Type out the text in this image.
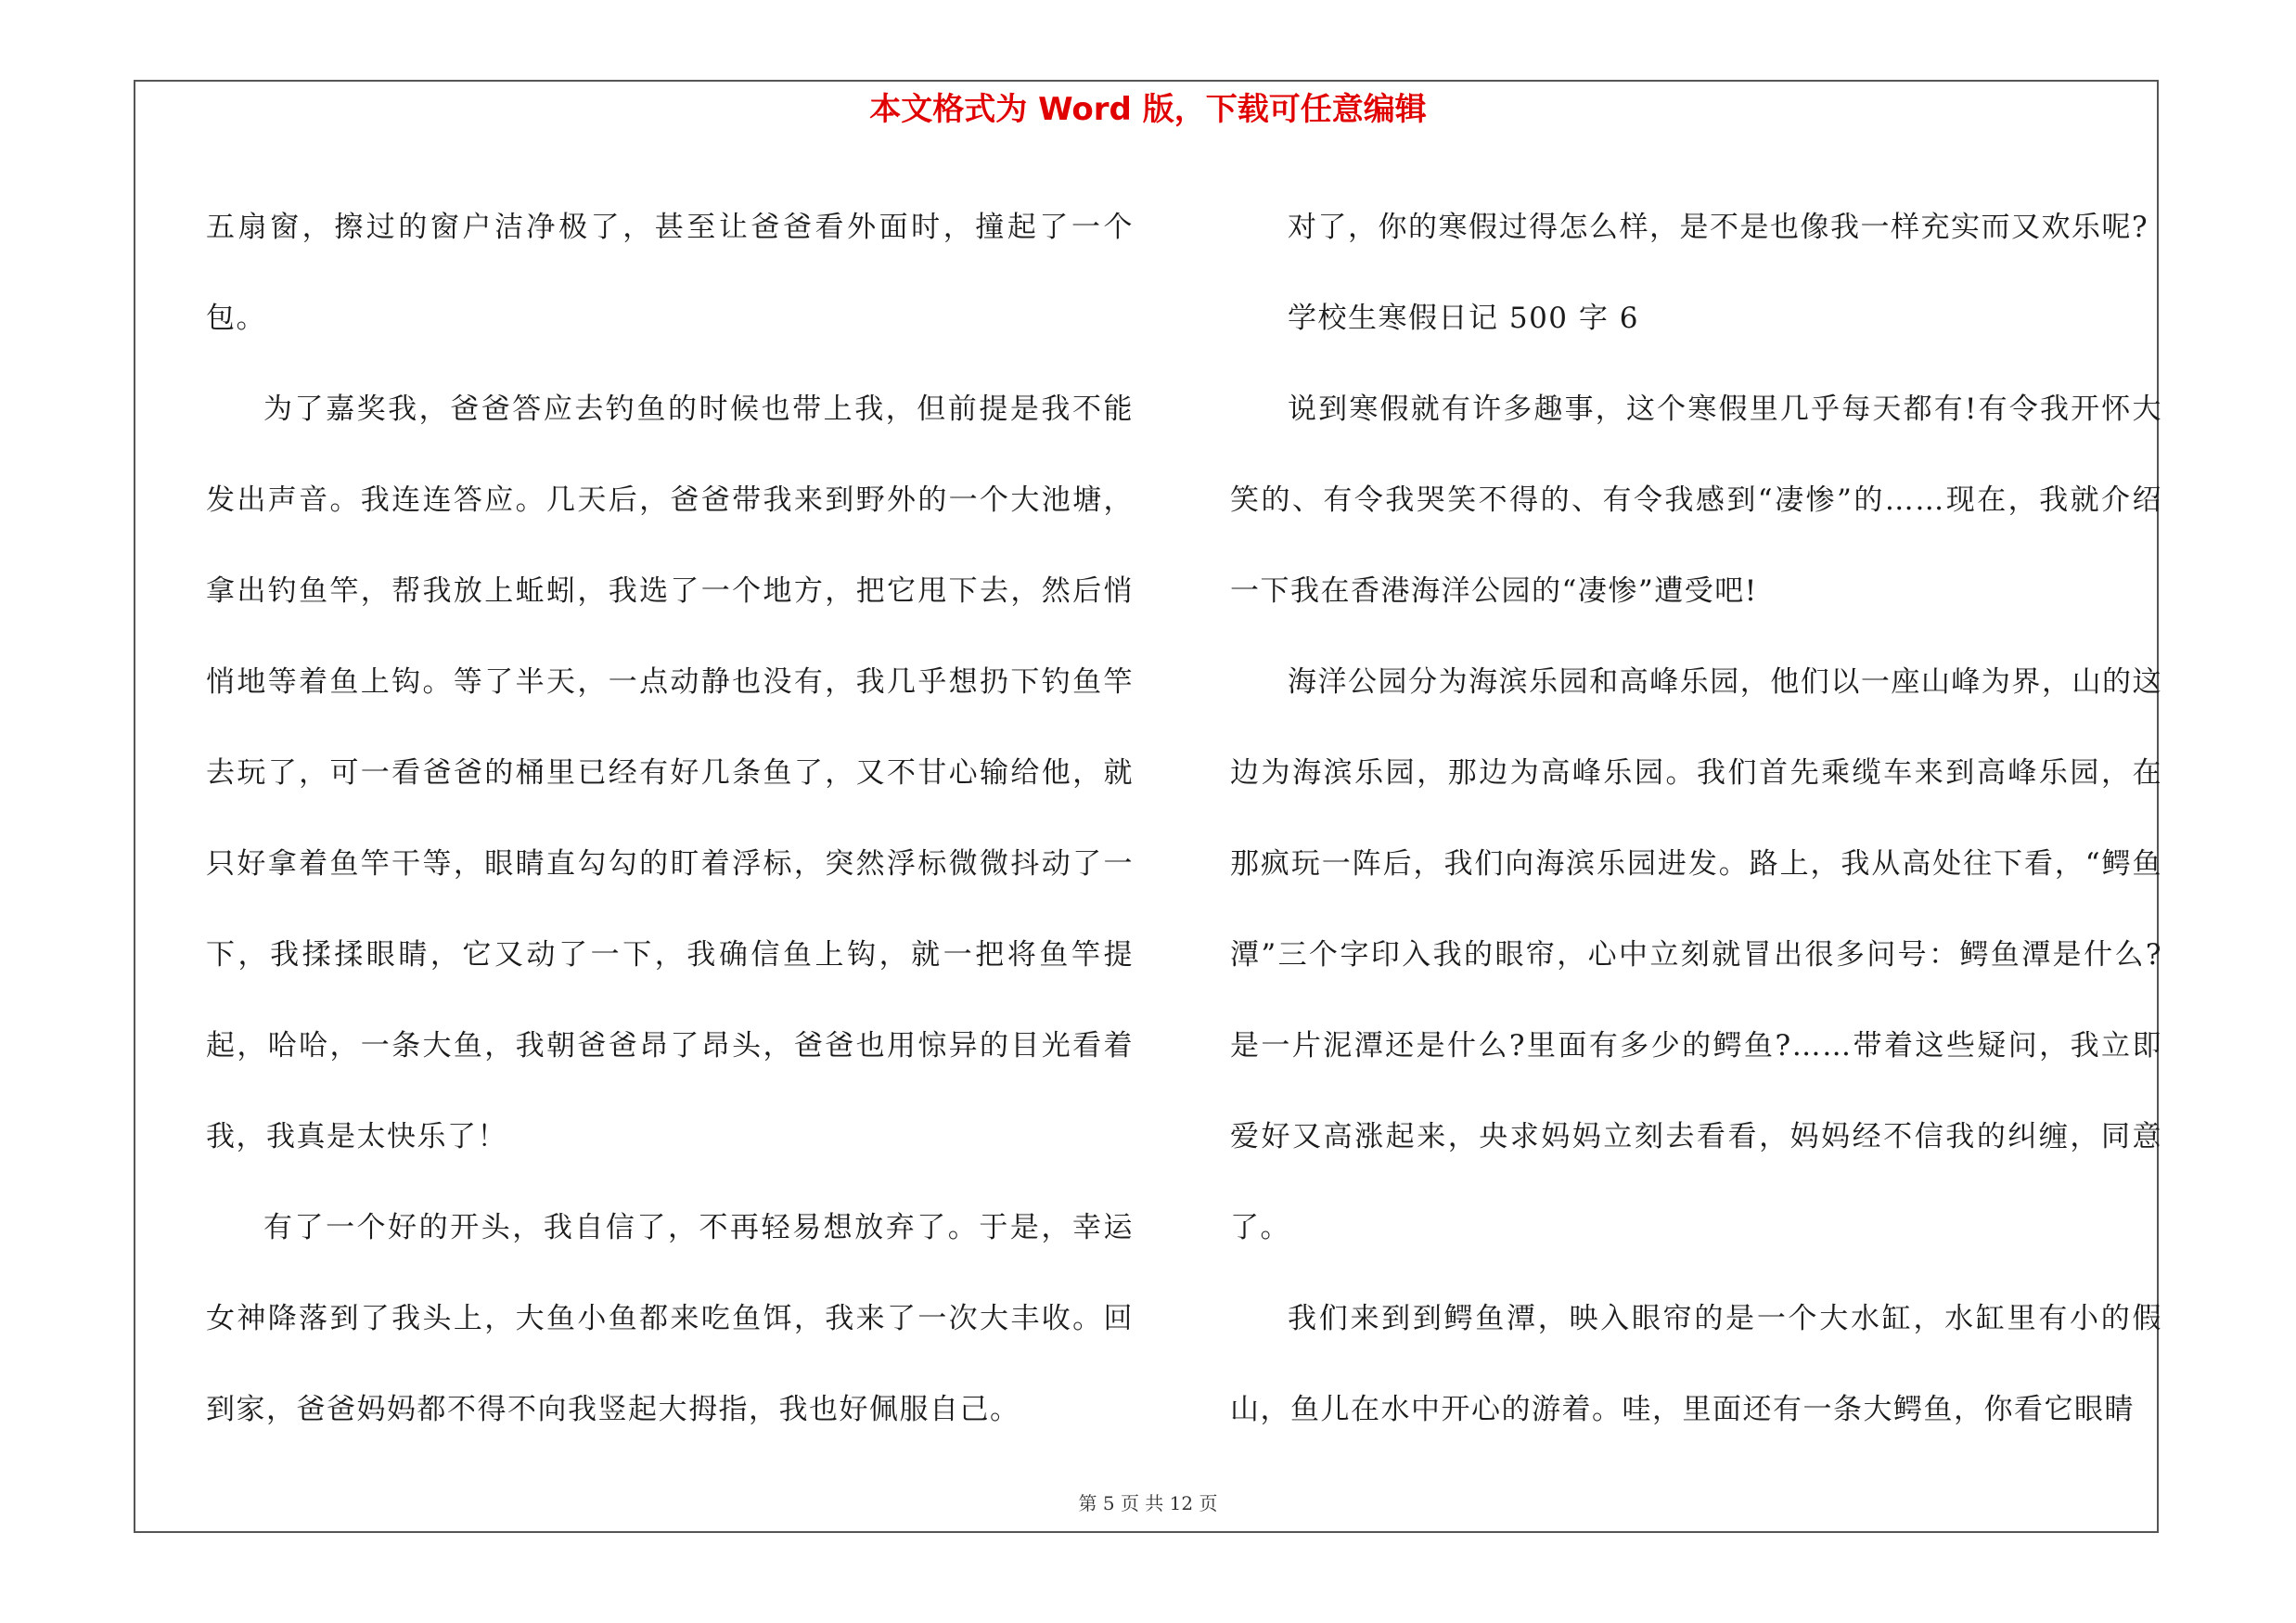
本文格式为 Word 版，下载可任意编辑

五扇窗，擦过的窗户洁净极了，甚至让爸爸看外面时，撞起了一个包。

为了嘉奖我，爸爸答应去钓鱼的时候也带上我，但前提是我不能发出声音。我连连答应。几天后，爸爸带我来到野外的一个大池塘，拿出钓鱼竿，帮我放上蚯蚓，我选了一个地方，把它甩下去，然后悄悄地等着鱼上钩。等了半天，一点动静也没有，我几乎想扔下钓鱼竿去玩了，可一看爸爸的桶里已经有好几条鱼了，又不甘心输给他，就只好拿着鱼竿干等，眼睛直勾勾的盯着浮标，突然浮标微微抖动了一下，我揉揉眼睛，它又动了一下，我确信鱼上钩，就一把将鱼竿提起，哈哈，一条大鱼，我朝爸爸昂了昂头，爸爸也用惊异的目光看着我，我真是太快乐了！

有了一个好的开头，我自信了，不再轻易想放弃了。于是，幸运女神降落到了我头上，大鱼小鱼都来吃鱼饵，我来了一次大丰收。回到家，爸爸妈妈都不得不向我竖起大拇指，我也好佩服自己。

对了，你的寒假过得怎么样，是不是也像我一样充实而又欢乐呢?

学校生寒假日记 500 字 6

说到寒假就有许多趣事，这个寒假里几乎每天都有!有令我开怀大笑的、有令我哭笑不得的、有令我感到“凄惨”的……现在，我就介绍一下我在香港海洋公园的“凄惨”遭受吧!

海洋公园分为海滨乐园和高峰乐园，他们以一座山峰为界，山的这边为海滨乐园，那边为高峰乐园。我们首先乘缆车来到高峰乐园，在那疯玩一阵后，我们向海滨乐园进发。路上，我从高处往下看，“鳄鱼潭”三个字印入我的眼帘，心中立刻就冒出很多问号：鳄鱼潭是什么?是一片泥潭还是什么?里面有多少的鳄鱼?……带着这些疑问，我立即爱好又高涨起来，央求妈妈立刻去看看，妈妈经不信我的纠缠，同意了。

我们来到到鳄鱼潭，映入眼帘的是一个大水缸，水缸里有小的假山，鱼儿在水中开心的游着。哇，里面还有一条大鳄鱼，你看它眼睛

第 5 页 共 12 页
